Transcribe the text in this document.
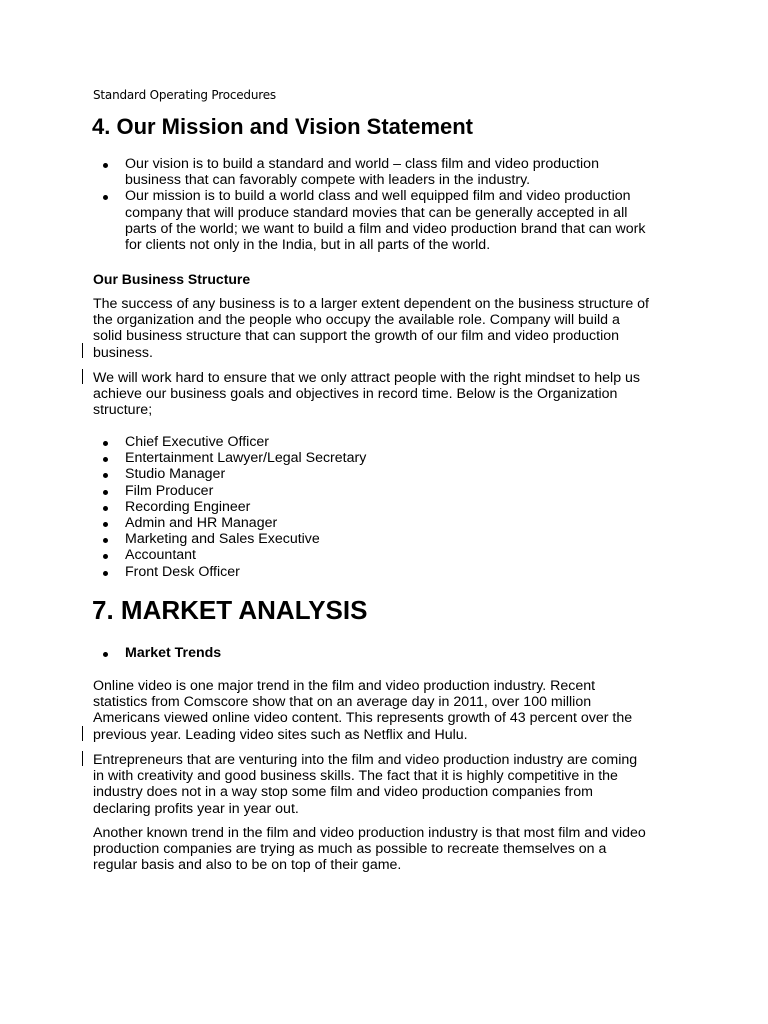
Standard Operating Procedures
4. Our Mission and Vision Statement
Our vision is to build a standard and world – class film and video production
business that can favorably compete with leaders in the industry.
Our mission is to build a world class and well equipped film and video production
company that will produce standard movies that can be generally accepted in all
parts of the world; we want to build a film and video production brand that can work
for clients not only in the India, but in all parts of the world.
Our Business Structure
The success of any business is to a larger extent dependent on the business structure of
the organization and the people who occupy the available role. Company will build a
solid business structure that can support the growth of our film and video production
business.
We will work hard to ensure that we only attract people with the right mindset to help us
achieve our business goals and objectives in record time. Below is the Organization
structure;
Chief Executive Officer
Entertainment Lawyer/Legal Secretary
Studio Manager
Film Producer
Recording Engineer
Admin and HR Manager
Marketing and Sales Executive
Accountant
Front Desk Officer
7. MARKET ANALYSIS
Market Trends
Online video is one major trend in the film and video production industry. Recent
statistics from Comscore show that on an average day in 2011, over 100 million
Americans viewed online video content. This represents growth of 43 percent over the
previous year. Leading video sites such as Netflix and Hulu.
Entrepreneurs that are venturing into the film and video production industry are coming
in with creativity and good business skills. The fact that it is highly competitive in the
industry does not in a way stop some film and video production companies from
declaring profits year in year out.
Another known trend in the film and video production industry is that most film and video
production companies are trying as much as possible to recreate themselves on a
regular basis and also to be on top of their game.
